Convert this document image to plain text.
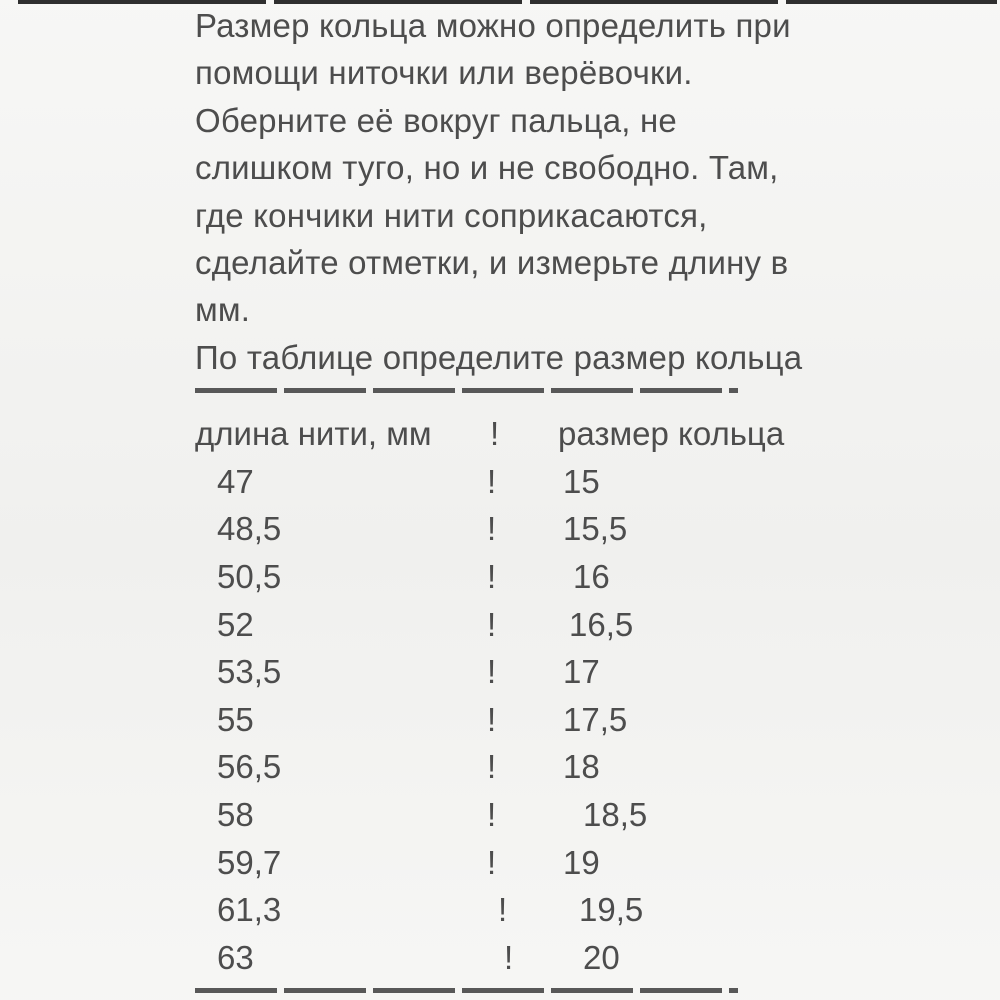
Размер кольца можно определить при
помощи ниточки или верёвочки.
Оберните её вокруг пальца, не
слишком туго, но и не свободно. Там,
где кончики нити соприкасаются,
сделайте отметки, и измерьте длину в
мм.
По таблице определите размер кольца
длина нити, мм ! размер кольца
47	! 15
48,5	! 15,5
50,5	! 16
52	! 16,5
53,5	! 17
55	! 17,5
56,5	! 18
58	!	18,5
59,7	! 19
61,3	! 19,5
63	! 20
